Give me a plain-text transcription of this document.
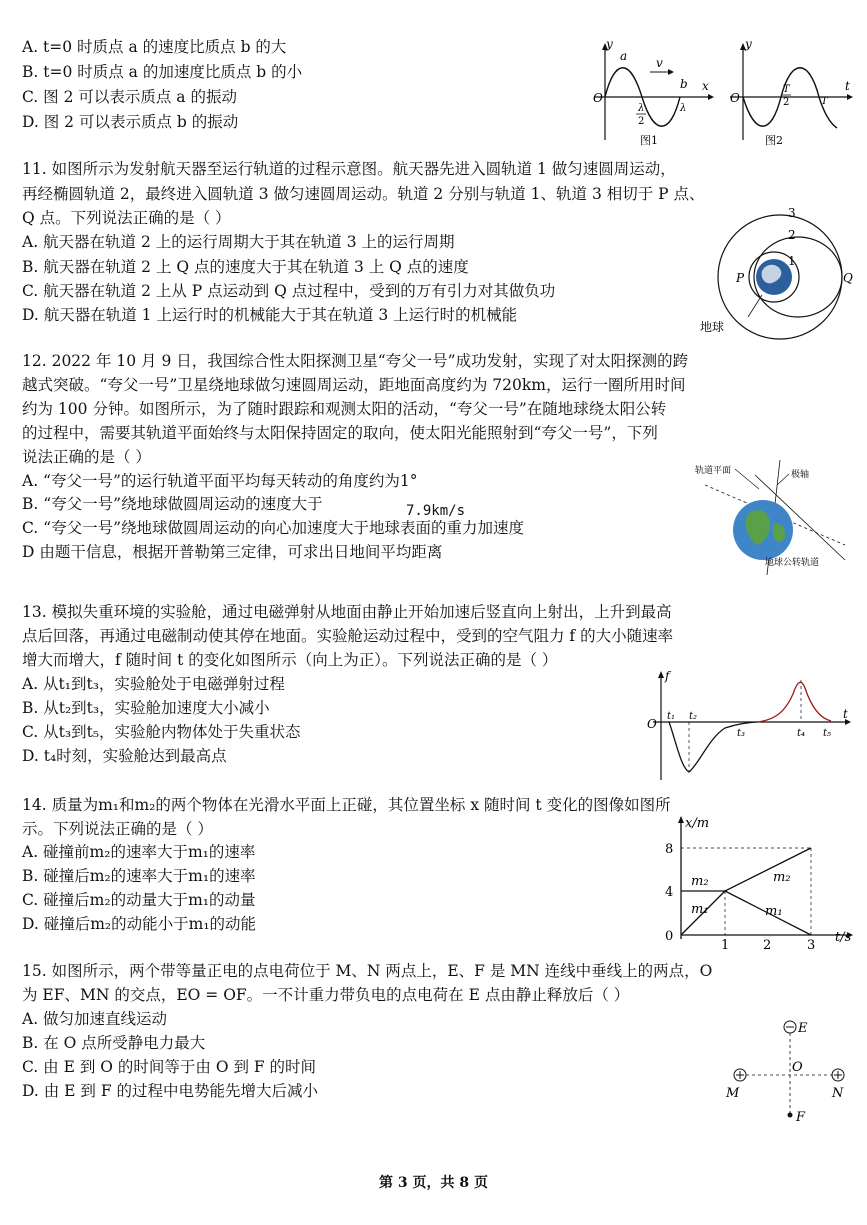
A. t=0 时质点 a 的速度比质点 b 的大
B. t=0 时质点 a 的加速度比质点 b 的小
C. 图 2 可以表示质点 a 的振动
D. 图 2 可以表示质点 b 的振动
y
x
O
a
b
v
λ
2
λ
图1
y
t
O
T
2	T
图2
11. 如图所示为发射航天器至运行轨道的过程示意图。航天器先进入圆轨道 1 做匀速圆周运动，
再经椭圆轨道 2，最终进入圆轨道 3 做匀速圆周运动。轨道 2 分别与轨道 1、轨道 3 相切于 P 点、
Q 点。下列说法正确的是（ ）
A. 航天器在轨道 2 上的运行周期大于其在轨道 3 上的运行周期
B. 航天器在轨道 2 上 Q 点的速度大于其在轨道 3 上 Q 点的速度
C. 航天器在轨道 2 上从 P 点运动到 Q 点过程中，受到的万有引力对其做负功
D. 航天器在轨道 1 上运行时的机械能大于其在轨道 3 上运行时的机械能
3
2
1
P	Q
地球
12. 2022 年 10 月 9 日，我国综合性太阳探测卫星“夸父一号”成功发射，实现了对太阳探测的跨
越式突破。“夸父一号”卫星绕地球做匀速圆周运动，距地面高度约为 720km，运行一圈所用时间
约为 100 分钟。如图所示，为了随时跟踪和观测太阳的活动，“夸父一号”在随地球绕太阳公转
的过程中，需要其轨道平面始终与太阳保持固定的取向，使太阳光能照射到“夸父一号”，下列
说法正确的是（ ）
A. “夸父一号”的运行轨道平面平均每天转动的角度约为1°
B. “夸父一号”绕地球做圆周运动的速度大于	7.9km/s
C. “夸父一号”绕地球做圆周运动的向心加速度大于地球表面的重力加速度
D 由题干信息，根据开普勒第三定律，可求出日地间平均距离
轨道平面	极轴
地球公转轨道
13. 模拟失重环境的实验舱，通过电磁弹射从地面由静止开始加速后竖直向上射出，上升到最高
点后回落，再通过电磁制动使其停在地面。实验舱运动过程中，受到的空气阻力 f 的大小随速率
增大而增大，f 随时间 t 的变化如图所示（向上为正）。下列说法正确的是（ ）
A. 从t₁到t₃，实验舱处于电磁弹射过程
B. 从t₂到t₃，实验舱加速度大小减小
C. 从t₃到t₅，实验舱内物体处于失重状态
D. t₄时刻，实验舱达到最高点
f
t
O
t₁ t₂
t₃	t₄ t₅
14. 质量为m₁和m₂的两个物体在光滑水平面上正碰，其位置坐标 x 随时间 t 变化的图像如图所
示。下列说法正确的是（ ）
A. 碰撞前m₂的速率大于m₁的速率
B. 碰撞后m₂的速率大于m₁的速率
C. 碰撞后m₂的动量大于m₁的动量
D. 碰撞后m₂的动能小于m₁的动能
x/m
t/s
8
4
0
1	2	3
m₂
m₁
m₂
m₁
15. 如图所示，两个带等量正电的点电荷位于 M、N 两点上，E、F 是 MN 连线中垂线上的两点，O
为 EF、MN 的交点，EO = OF。一不计重力带负电的点电荷在 E 点由静止释放后（ ）
A. 做匀加速直线运动
B. 在 O 点所受静电力最大
C. 由 E 到 O 的时间等于由 O 到 F 的时间
D. 由 E 到 F 的过程中电势能先增大后减小
E
O
M	N
F
第 3 页，共 8 页
